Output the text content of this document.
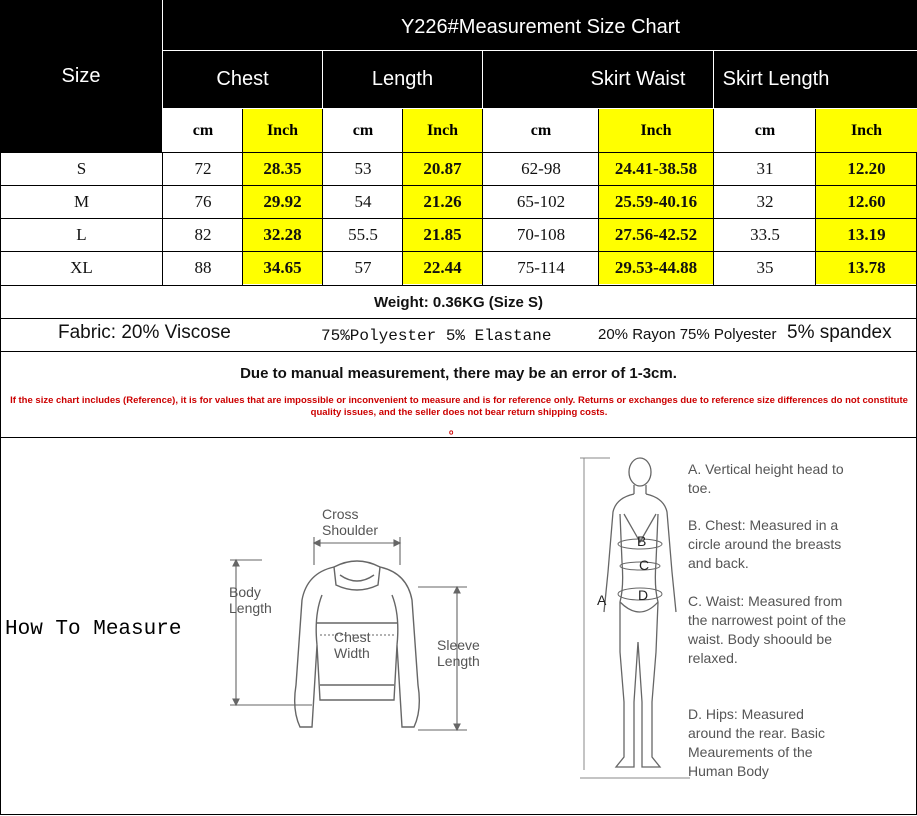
Size
Y226#Measurement Size Chart
Chest	Length	Skirt Waist	Skirt Length
cm	Inch	cm	Inch	cm	Inch	cm	Inch
S	72	28.35	53	20.87	62-98	24.41-38.58	31	12.20
M	76	29.92	54	21.26	65-102	25.59-40.16	32	12.60
L	82	32.28	55.5	21.85	70-108	27.56-42.52	33.5	13.19
XL	88	34.65	57	22.44	75-114	29.53-44.88	35	13.78
Weight: 0.36KG (Size S)
Fabric: 20% Viscose	75%Polyester 5% Elastane	20% Rayon 75% Polyester 5% spandex
Due to manual measurement, there may be an error of 1-3cm.
If the size chart includes (Reference), it is for values that are impossible or inconvenient to measure and is for reference only. Returns or exchanges due to reference size differences do not constitute quality issues, and the seller does not bear return shipping costs.
。
How To Measure
Cross Shoulder
Body Length
Chest Width	Sleeve Length
A
B
C
D
A. Vertical height head to toe.
B. Chest: Measured in a circle around the breasts and back.
C. Waist: Measured from the narrowest point of the waist. Body shoould be relaxed.
D. Hips: Measured around the rear. Basic Meaurements of the Human Body
